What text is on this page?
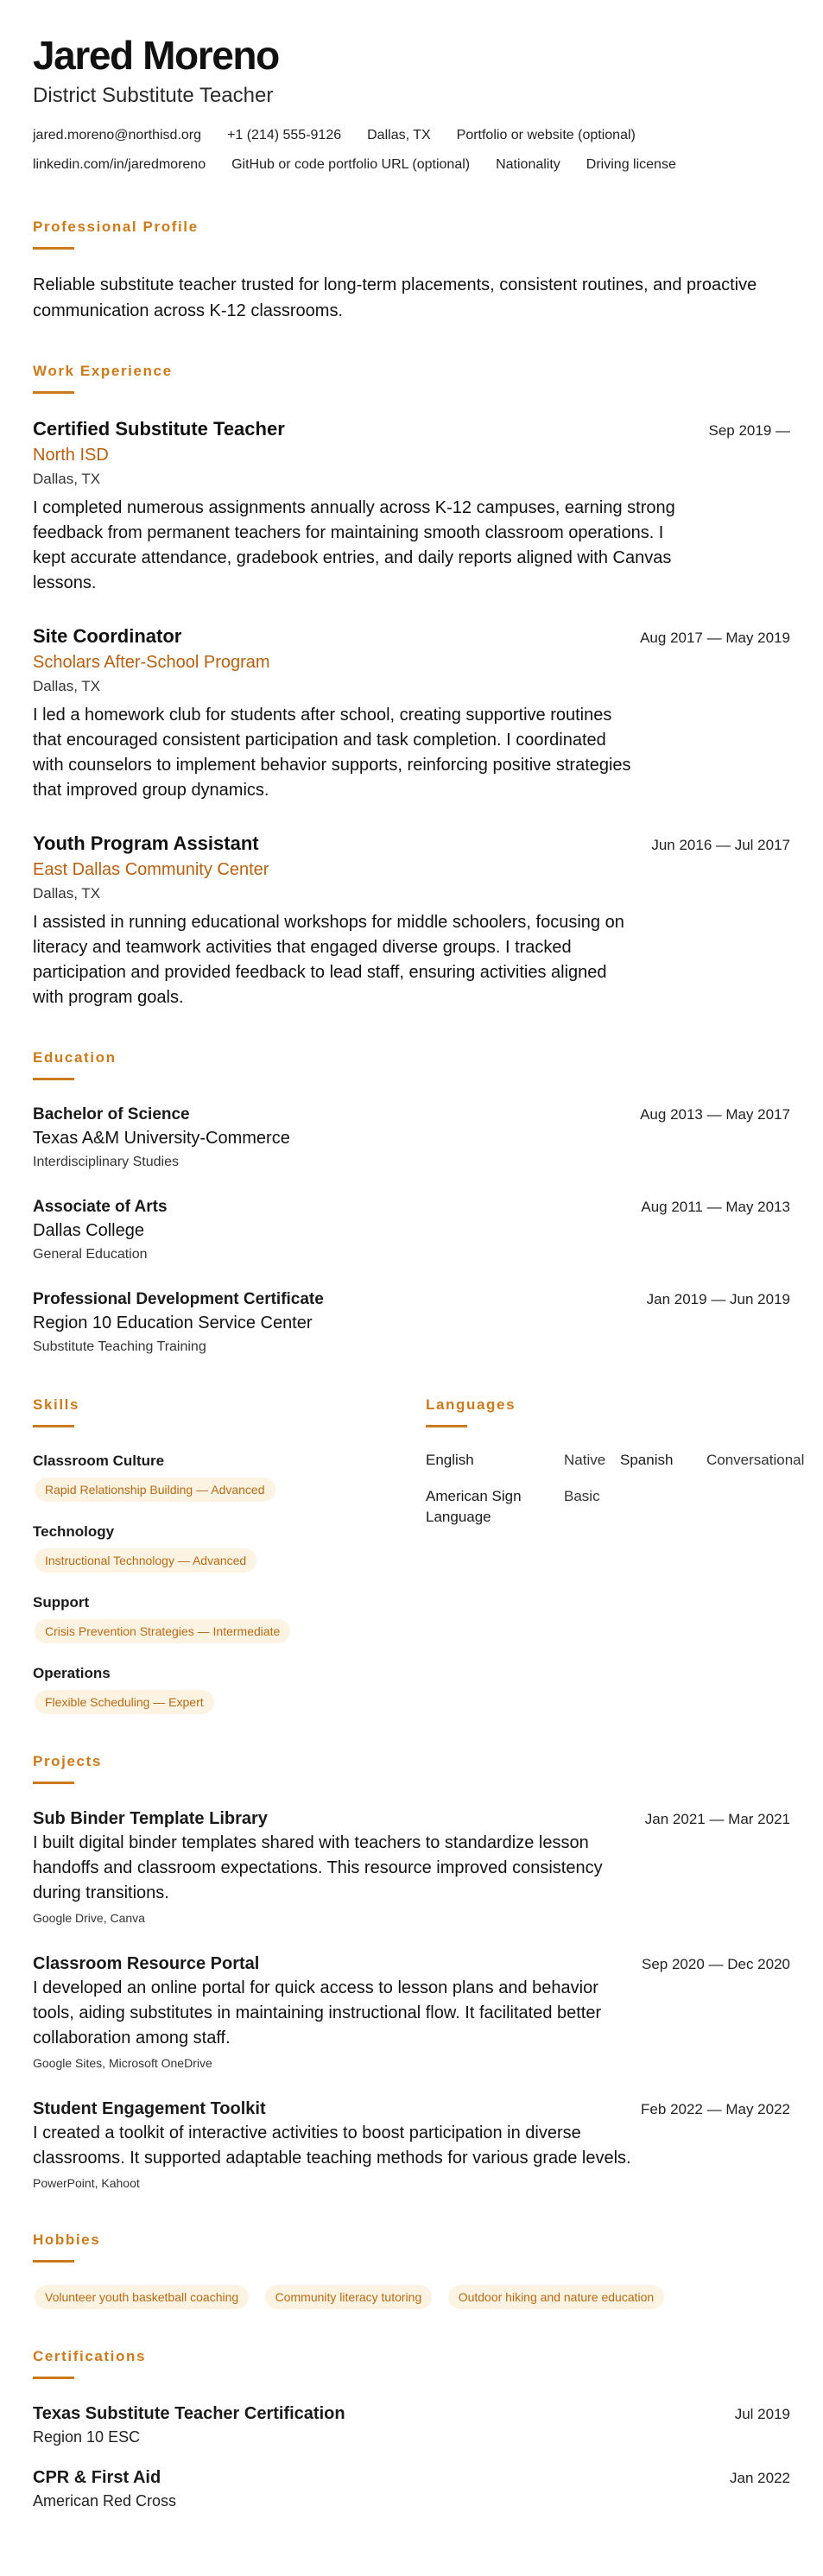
Jared Moreno
District Substitute Teacher
jared.moreno@northisd.org +1 (214) 555-9126 Dallas, TX Portfolio or website (optional)
linkedin.com/in/jaredmoreno GitHub or code portfolio URL (optional) Nationality Driving license
Professional Profile

Reliable substitute teacher trusted for long-term placements, consistent routines, and proactive communication across K-12 classrooms.

Work Experience
Certified Substitute Teacher	Sep 2019 —
North ISD
Dallas, TX

I completed numerous assignments annually across K-12 campuses, earning strong feedback from permanent teachers for maintaining smooth classroom operations. I kept accurate attendance, gradebook entries, and daily reports aligned with Canvas lessons.

Site Coordinator	Aug 2017 — May 2019
Scholars After-School Program
Dallas, TX

I led a homework club for students after school, creating supportive routines that encouraged consistent participation and task completion. I coordinated with counselors to implement behavior supports, reinforcing positive strategies that improved group dynamics.

Youth Program Assistant	Jun 2016 — Jul 2017
East Dallas Community Center
Dallas, TX

I assisted in running educational workshops for middle schoolers, focusing on literacy and teamwork activities that engaged diverse groups. I tracked participation and provided feedback to lead staff, ensuring activities aligned with program goals.

Education
Bachelor of Science	Aug 2013 — May 2017
Texas A&M University-Commerce
Interdisciplinary Studies
Associate of Arts	Aug 2011 — May 2013
Dallas College
General Education
Professional Development Certificate	Jan 2019 — Jun 2019
Region 10 Education Service Center
Substitute Teaching Training
Skills
Classroom Culture
Rapid Relationship Building — Advanced
Technology
Instructional Technology — Advanced
Support
Crisis Prevention Strategies — Intermediate
Operations
Flexible Scheduling — Expert
Languages
English	Native Spanish	Conversational
American Sign Language
Basic
Projects
Sub Binder Template Library	Jan 2021 — Mar 2021

I built digital binder templates shared with teachers to standardize lesson handoffs and classroom expectations. This resource improved consistency during transitions.

Google Drive, Canva
Classroom Resource Portal	Sep 2020 — Dec 2020

I developed an online portal for quick access to lesson plans and behavior tools, aiding substitutes in maintaining instructional flow. It facilitated better collaboration among staff.

Google Sites, Microsoft OneDrive
Student Engagement Toolkit	Feb 2022 — May 2022

I created a toolkit of interactive activities to boost participation in diverse classrooms. It supported adaptable teaching methods for various grade levels.

PowerPoint, Kahoot
Hobbies
Volunteer youth basketball coaching	Community literacy tutoring	Outdoor hiking and nature education
Certifications
Texas Substitute Teacher Certification	Jul 2019
Region 10 ESC
CPR & First Aid	Jan 2022
American Red Cross
